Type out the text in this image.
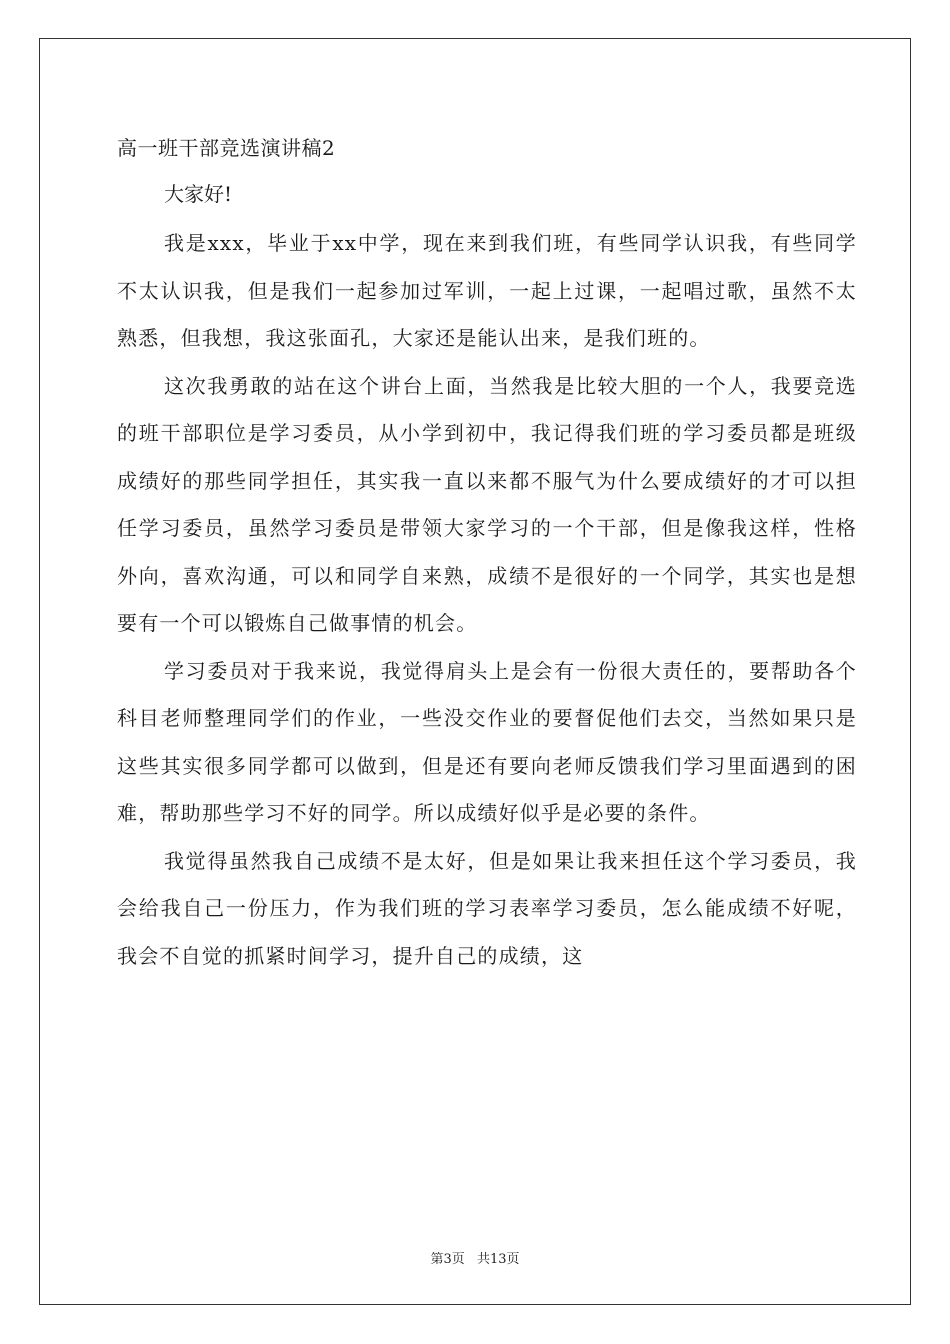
高一班干部竞选演讲稿2

大家好!

我是xxx，毕业于xx中学，现在来到我们班，有些同学认识我，有些同学不太认识我，但是我们一起参加过军训，一起上过课，一起唱过歌，虽然不太熟悉，但我想，我这张面孔，大家还是能认出来，是我们班的。

这次我勇敢的站在这个讲台上面，当然我是比较大胆的一个人，我要竞选的班干部职位是学习委员，从小学到初中，我记得我们班的学习委员都是班级成绩好的那些同学担任，其实我一直以来都不服气为什么要成绩好的才可以担任学习委员，虽然学习委员是带领大家学习的一个干部，但是像我这样，性格外向，喜欢沟通，可以和同学自来熟，成绩不是很好的一个同学，其实也是想要有一个可以锻炼自己做事情的机会。

学习委员对于我来说，我觉得肩头上是会有一份很大责任的，要帮助各个科目老师整理同学们的作业，一些没交作业的要督促他们去交，当然如果只是这些其实很多同学都可以做到，但是还有要向老师反馈我们学习里面遇到的困难，帮助那些学习不好的同学。所以成绩好似乎是必要的条件。

我觉得虽然我自己成绩不是太好，但是如果让我来担任这个学习委员，我会给我自己一份压力，作为我们班的学习表率学习委员，怎么能成绩不好呢，我会不自觉的抓紧时间学习，提升自己的成绩，这

第3页 共13页
